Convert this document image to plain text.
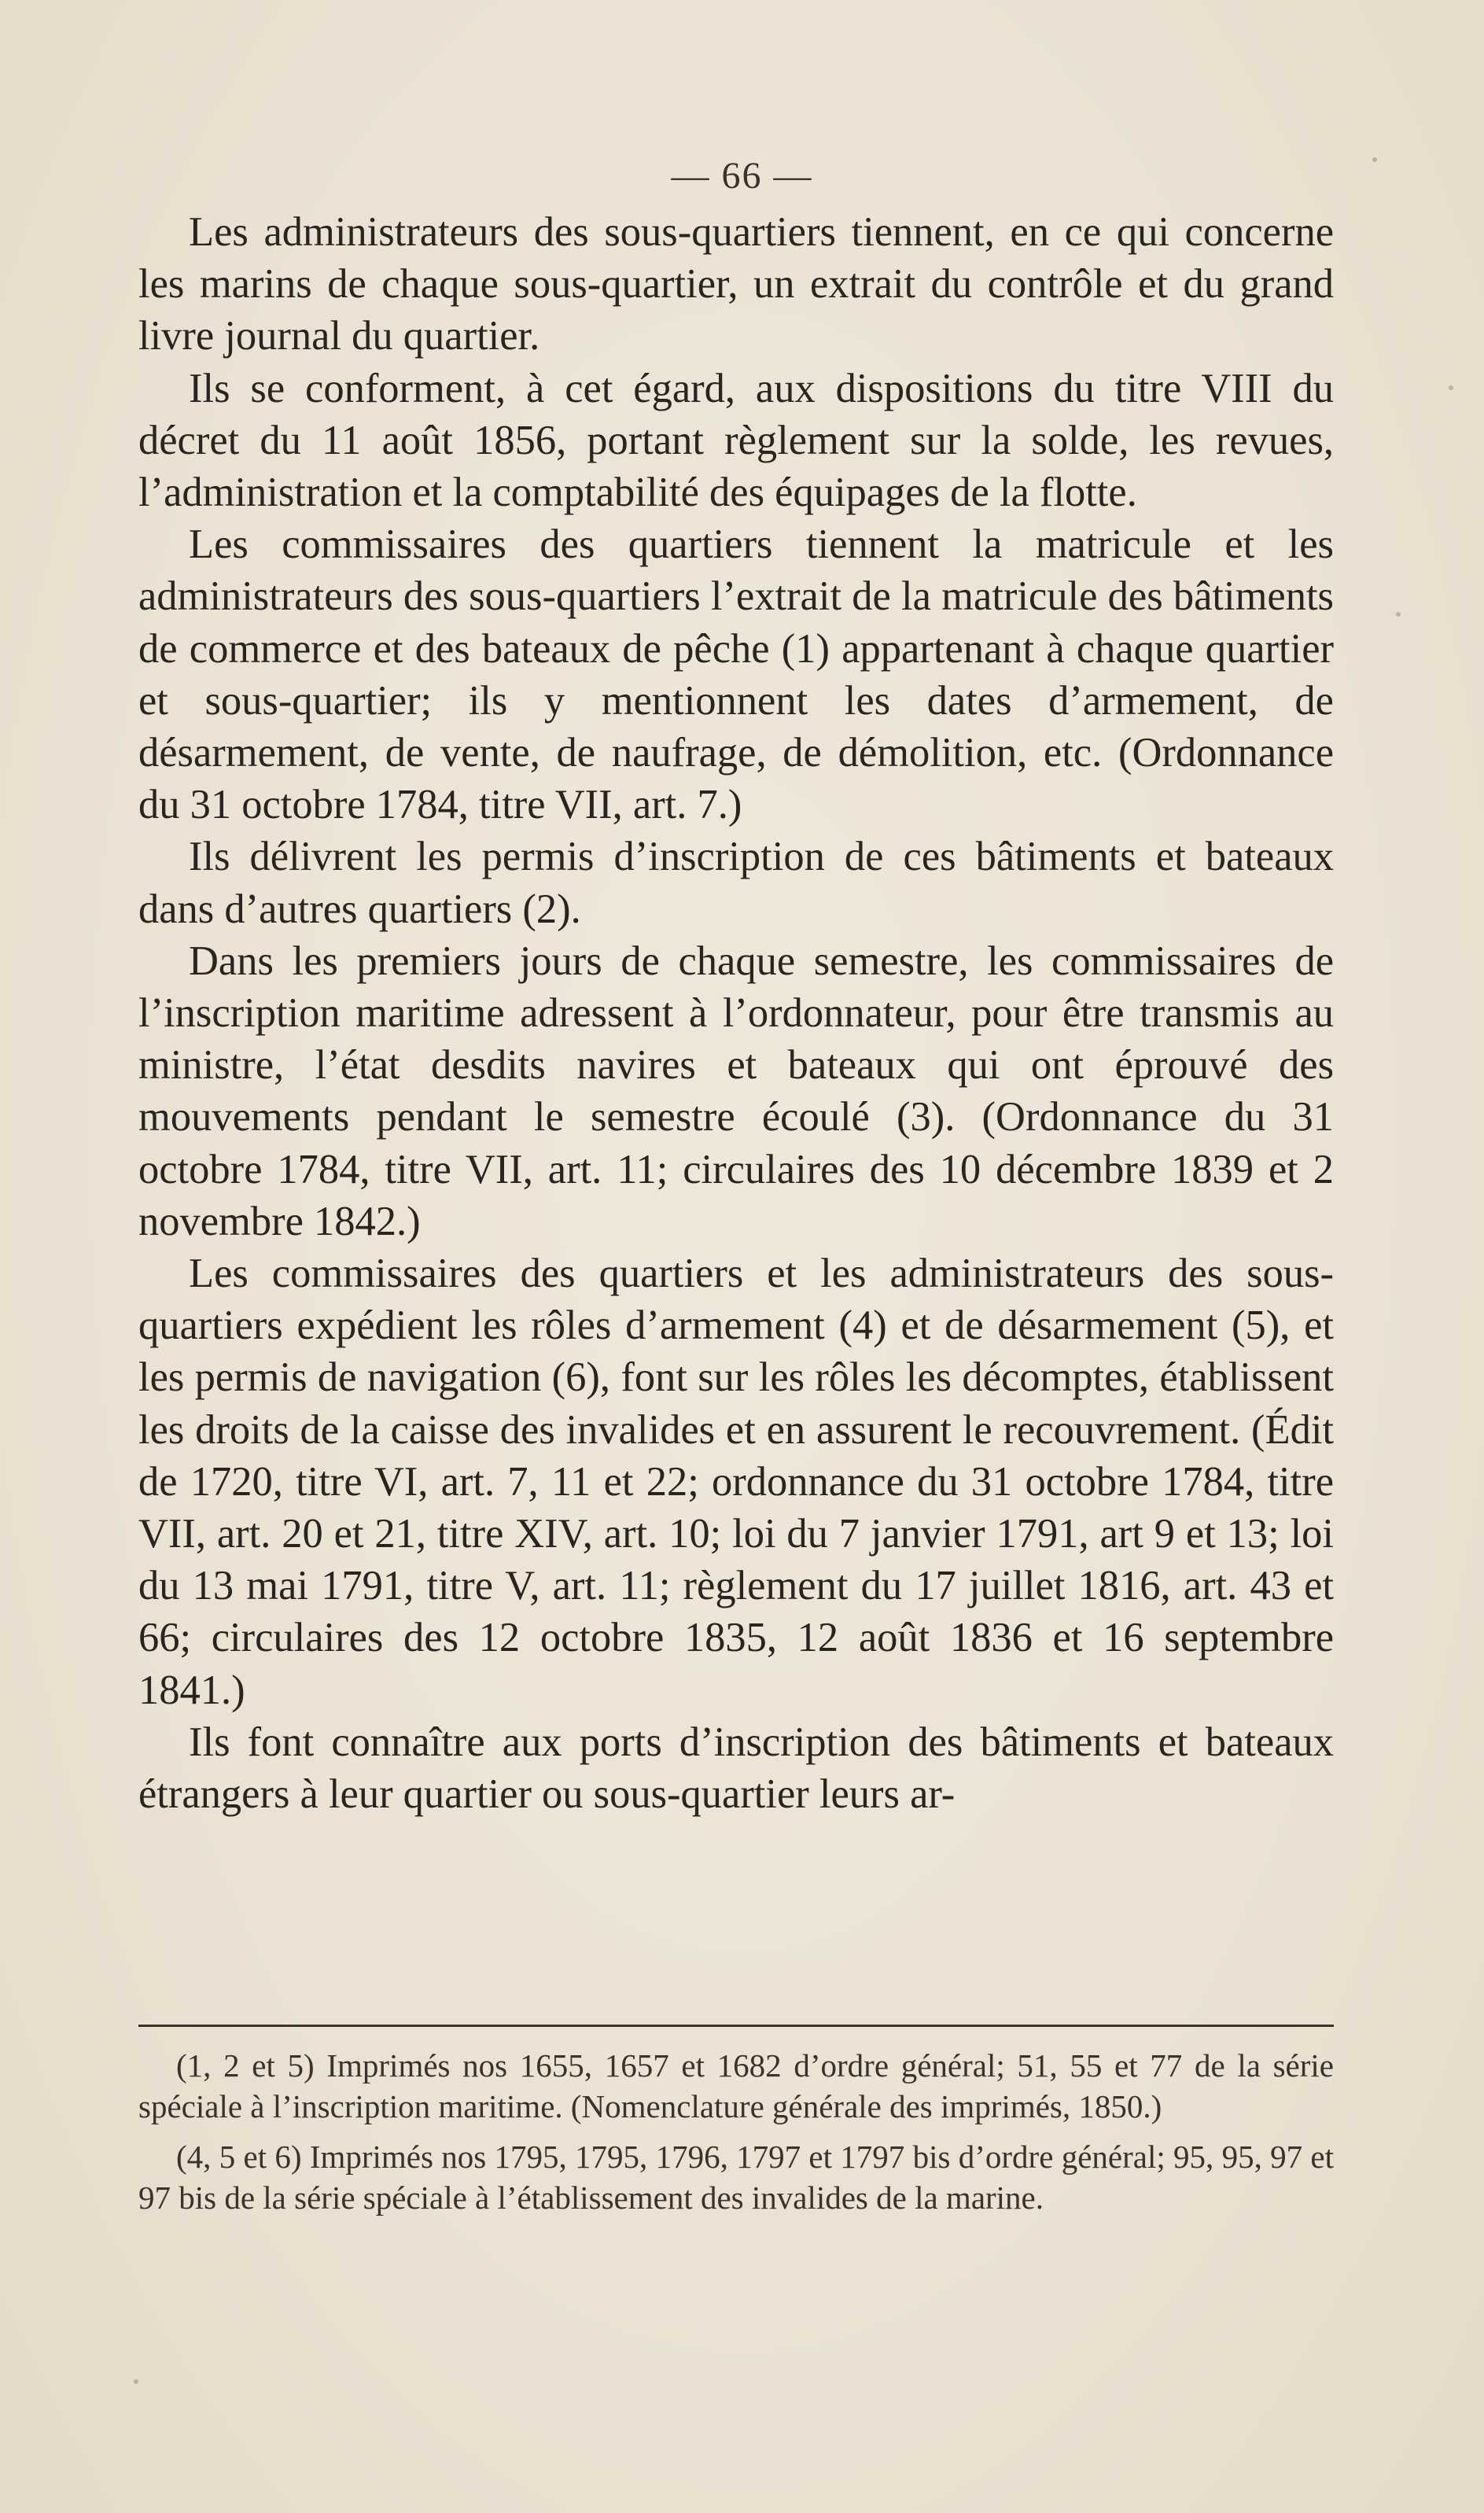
— 66 —

Les administrateurs des sous-quartiers tiennent, en ce qui concerne les marins de chaque sous-quartier, un extrait du contrôle et du grand livre journal du quartier.

Ils se conforment, à cet égard, aux dispositions du titre VIII du décret du 11 août 1856, portant règlement sur la solde, les revues, l’administration et la comptabilité des équipages de la flotte.

Les commissaires des quartiers tiennent la matricule et les administrateurs des sous-quartiers l’extrait de la matricule des bâtiments de commerce et des bateaux de pêche (1) appartenant à chaque quartier et sous-quartier; ils y mentionnent les dates d’armement, de désarmement, de vente, de naufrage, de démolition, etc. (Ordonnance du 31 octobre 1784, titre VII, art. 7.)

Ils délivrent les permis d’inscription de ces bâtiments et bateaux dans d’autres quartiers (2).

Dans les premiers jours de chaque semestre, les commissaires de l’inscription maritime adressent à l’ordonnateur, pour être transmis au ministre, l’état desdits navires et bateaux qui ont éprouvé des mouvements pendant le semestre écoulé (3). (Ordonnance du 31 octobre 1784, titre VII, art. 11; circulaires des 10 décembre 1839 et 2 novembre 1842.)

Les commissaires des quartiers et les administrateurs des sous-quartiers expédient les rôles d’armement (4) et de désarmement (5), et les permis de navigation (6), font sur les rôles les décomptes, établissent les droits de la caisse des invalides et en assurent le recouvrement. (Édit de 1720, titre VI, art. 7, 11 et 22; ordonnance du 31 octobre 1784, titre VII, art. 20 et 21, titre XIV, art. 10; loi du 7 janvier 1791, art 9 et 13; loi du 13 mai 1791, titre V, art. 11; règlement du 17 juillet 1816, art. 43 et 66; circulaires des 12 octobre 1835, 12 août 1836 et 16 septembre 1841.)

Ils font connaître aux ports d’inscription des bâtiments et bateaux étrangers à leur quartier ou sous-quartier leurs ar-

(1, 2 et 5) Imprimés nos 1655, 1657 et 1682 d’ordre général; 51, 55 et 77 de la série spéciale à l’inscription maritime. (Nomenclature générale des imprimés, 1850.)

(4, 5 et 6) Imprimés nos 1795, 1795, 1796, 1797 et 1797 bis d’ordre général; 95, 95, 97 et 97 bis de la série spéciale à l’établissement des invalides de la marine.
